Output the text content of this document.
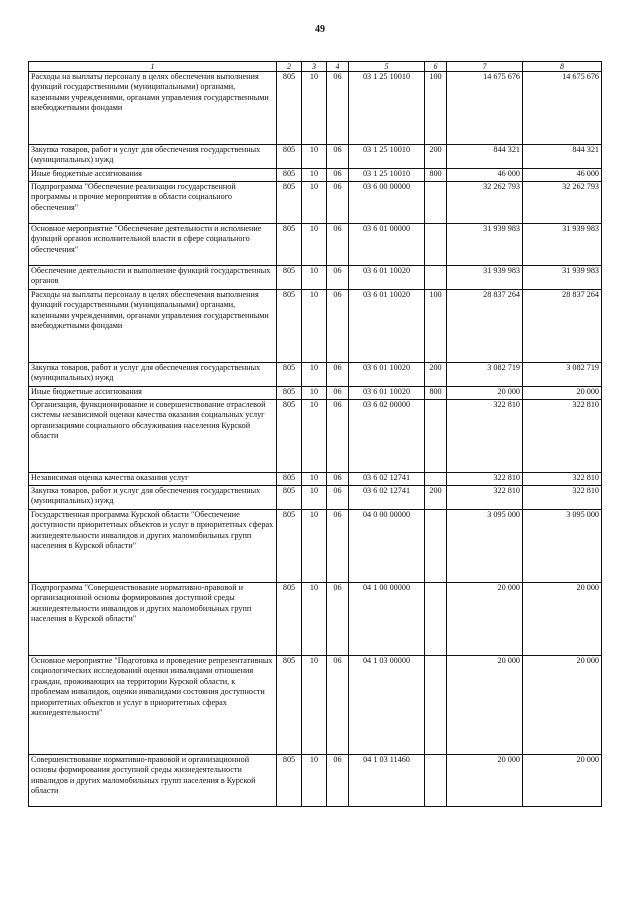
49
1	2	3	4	5	6	7	8
Расходы на выплаты персоналу в целях обеспечения выполнения функций государственными (муниципальными) органами, казенными учреждениями, органами управления государственными внебюджетными фондами	805	10	06	03 1 25 10010	100	14 675 676	14 675 676
Закупка товаров, работ и услуг для обеспечения государственных (муниципальных) нужд	805	10	06	03 1 25 10010	200	844 321	844 321
Иные бюджетные ассигнования	805	10	06	03 1 25 10010	800	46 000	46 000
Подпрограмма "Обеспечение реализации государственной программы и прочие мероприятия в области социального обеспечения"	805	10	06	03 6 00 00000		32 262 793	32 262 793
Основное мероприятие "Обеспечение деятельности и исполнение функций органов исполнительной власти в сфере социального обеспечения"	805	10	06	03 6 01 00000		31 939 983	31 939 983
Обеспечение деятельности и выполнение функций государственных органов	805	10	06	03 6 01 10020		31 939 983	31 939 983
Расходы на выплаты персоналу в целях обеспечения выполнения функций государственными (муниципальными) органами, казенными учреждениями, органами управления государственными внебюджетными фондами	805	10	06	03 6 01 10020	100	28 837 264	28 837 264
Закупка товаров, работ и услуг для обеспечения государственных (муниципальных) нужд	805	10	06	03 6 01 10020	200	3 082 719	3 082 719
Иные бюджетные ассигнования	805	10	06	03 6 01 10020	800	20 000	20 000
Организация, функционирование и совершенствование отраслевой системы независимой оценки качества оказания социальных услуг организациями социального обслуживания населения Курской области	805	10	06	03 6 02 00000		322 810	322 810
Независимая оценка качества оказания услуг	805	10	06	03 6 02 12741		322 810	322 810
Закупка товаров, работ и услуг для обеспечения государственных (муниципальных) нужд	805	10	06	03 6 02 12741	200	322 810	322 810
Государственная программа Курской области "Обеспечение доступности приоритетных объектов и услуг в приоритетных сферах жизнедеятельности инвалидов и других маломобильных групп населения в Курской области"	805	10	06	04 0 00 00000		3 095 000	3 095 000
Подпрограмма "Совершенствование нормативно-правовой и организационной основы формирования доступной среды жизнедеятельности инвалидов и других маломобильных групп населения в Курской области"	805	10	06	04 1 00 00000		20 000	20 000
Основное мероприятие "Подготовка и проведение репрезентативных социологических исследований оценки инвалидами отношения граждан, проживающих на территории Курской области, к проблемам инвалидов, оценки инвалидами состояния доступности приоритетных объектов и услуг в приоритетных сферах жизнедеятельности"	805	10	06	04 1 03 00000		20 000	20 000
Совершенствование нормативно-правовой и организационной основы формирования доступной среды жизнедеятельности инвалидов и других маломобильных групп населения в Курской области	805	10	06	04 1 03 11460		20 000	20 000
